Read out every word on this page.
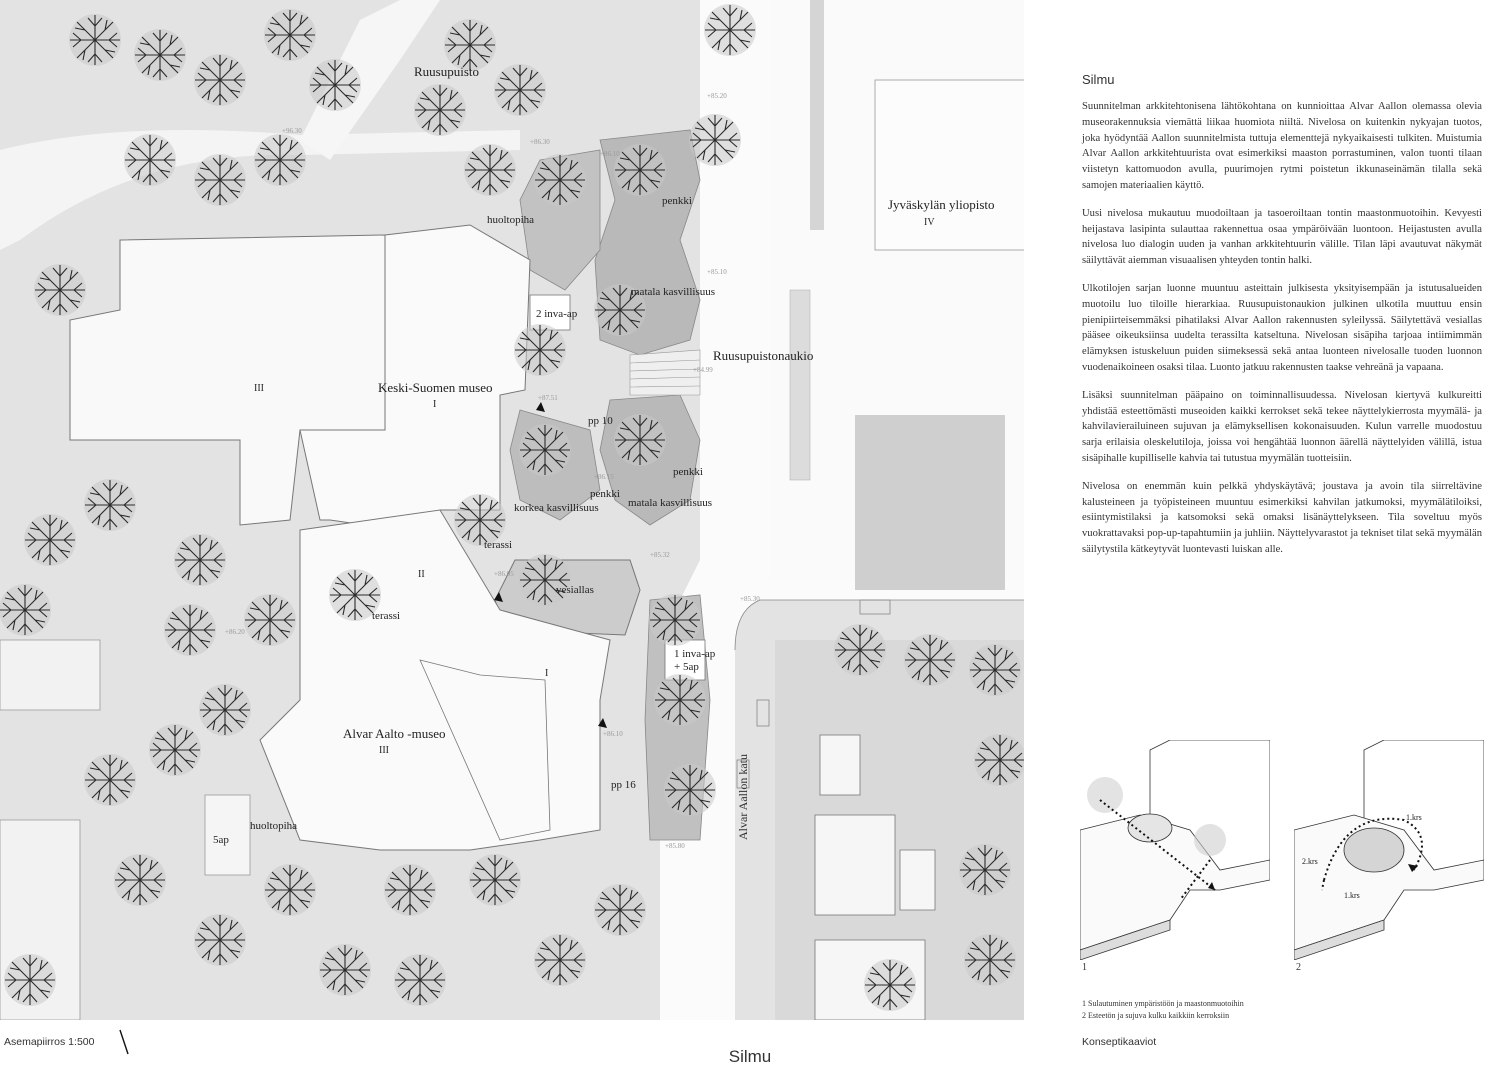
Ruusupuisto
huoltopiha
penkki	Jyväskylän yliopisto
IV
matala kasvillisuus
2 inva-ap
Ruusupuistonaukio
III	Keski-Suomen museo
I
pp 10
penkki
penkki
matala kasvillisuus
korkea kasvillisuus
terassi
II
vesiallas
terassi
1 inva-ap
+ 5ap
I
Alvar Aalto -museo
III
pp 16
huoltopiha
5ap	Alvar Aallon katu
+96.30
+86.30
+86.10
+85.20
+85.10
+84.99
+87.51
+86.15
+86.05
+85.32
+85.30
+86.10
+85.80
+86.20
Silmu

Suunnitelman arkkitehtonisena lähtökohtana on kunnioittaa Alvar Aallon olemassa olevia museorakennuksia viemättä liikaa huomiota niiltä. Nivelosa on kuitenkin nykyajan tuotos, joka hyödyntää Aallon suunnitelmista tuttuja elementtejä nykyaikaisesti tulkiten. Muistumia Alvar Aallon arkkitehtuurista ovat esimerkiksi maaston porrastuminen, valon tuonti tilaan viistetyn kattomuodon avulla, puurimojen rytmi poistetun ikkunaseinämän tilalla sekä samojen materiaalien käyttö.

Uusi nivelosa mukautuu muodoiltaan ja tasoeroiltaan tontin maastonmuotoihin. Kevyesti heijastava lasipinta sulauttaa rakennettua osaa ympäröivään luontoon. Heijastusten avulla nivelosa luo dialogin uuden ja vanhan arkkitehtuurin välille. Tilan läpi avautuvat näkymät säilyttävät aiemman visuaalisen yhteyden tontin halki.

Ulkotilojen sarjan luonne muuntuu asteittain julkisesta yksityisempään ja istutusalueiden muotoilu luo tiloille hierarkiaa. Ruusupuistonaukion julkinen ulkotila muuttuu ensin pienipiirteisemmäksi pihatilaksi Alvar Aallon rakennusten syleilyssä. Säilytettävä vesiallas pääsee oikeuksiinsa uudelta terassilta katseltuna. Nivelosan sisäpiha tarjoaa intiimimmän elämyksen istuskeluun puiden siimeksessä sekä antaa luonteen nivelosalle tuoden luonnon vuodenaikoineen osaksi tilaa. Luonto jatkuu rakennusten taakse vehreänä ja vapaana.

Lisäksi suunnitelman pääpaino on toiminnallisuudessa. Nivelosan kiertyvä kulkureitti yhdistää esteettömästi museoiden kaikki kerrokset sekä tekee näyttelykierrosta myymälä- ja kahvilavierailuineen sujuvan ja elämyksellisen kokonaisuuden. Kulun varrelle muodostuu sarja erilaisia oleskelutiloja, joissa voi hengähtää luonnon äärellä näyttelyiden välillä, istua sisäpihalle kupilliselle kahvia tai tutustua myymälän tuotteisiin.

Nivelosa on enemmän kuin pelkkä yhdyskäytävä; joustava ja avoin tila siirreltävine kalusteineen ja työpisteineen muuntuu esimerkiksi kahvilan jatkumoksi, myymälätiloiksi, esiintymistilaksi ja katsomoksi sekä omaksi lisänäyttelykseen. Tila soveltuu myös vuokrattavaksi pop-up-tapahtumiin ja juhliin. Näyttelyvarastot ja tekniset tilat sekä myymälän säilytystila kätkeytyvät luontevasti luiskan alle.

1
1.krs
2.krs
1.krs
2
1 Sulautuminen ympäristöön ja maastonmuotoihin
2 Esteetön ja sujuva kulku kaikkiin kerroksiin
Konseptikaaviot
Asemapiirros 1:500
Silmu
